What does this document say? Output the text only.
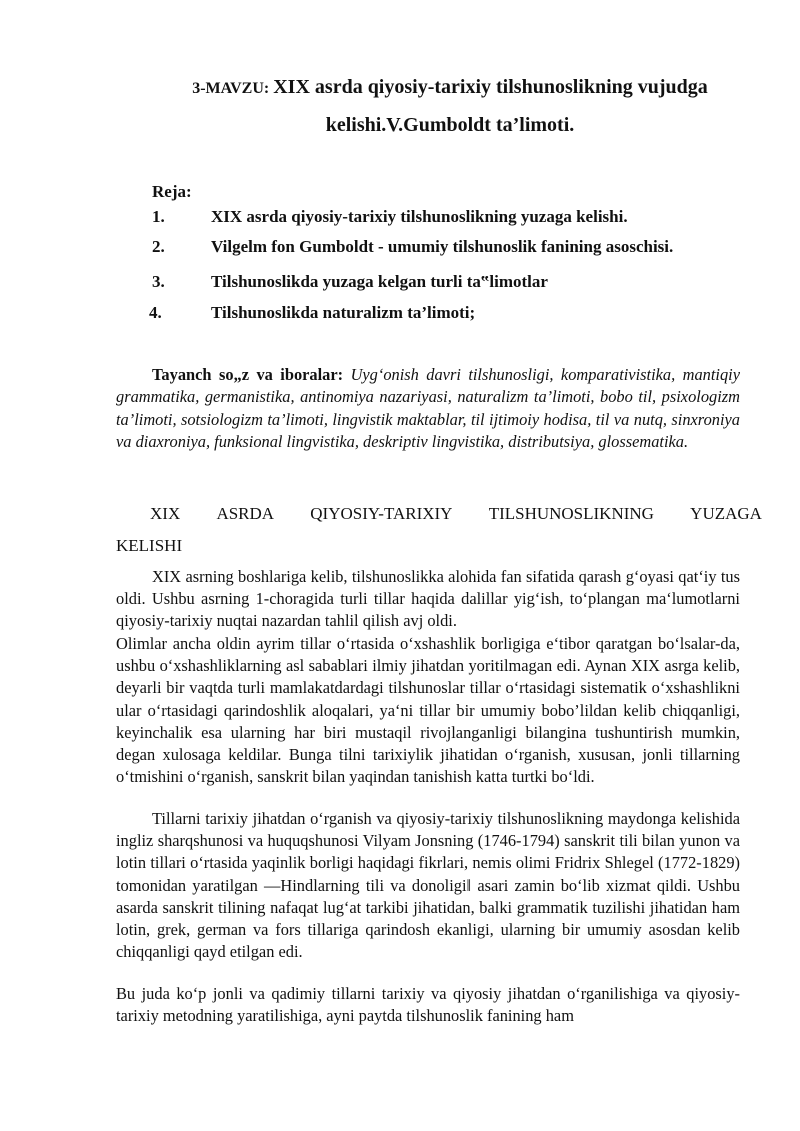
3-MAVZU: XIX asrda qiyosiy-tarixiy tilshunoslikning vujudga
kelishi.V.Gumboldt ta’limoti.
Reja:
1.	XIX asrda qiyosiy-tarixiy tilshunoslikning yuzaga kelishi.
2.	Vilgelm fon Gumboldt - umumiy tilshunoslik fanining asoschisi.
3.	Tilshunoslikda yuzaga kelgan turli ta‟limotlar
4.	Tilshunoslikda naturalizm ta’limoti;
Tayanch so„z va iboralar: Uyg‘onish davri tilshunosligi, komparativistika, mantiqiy grammatika, germanistika, antinomiya nazariyasi, naturalizm ta’limoti, bobo til, psixologizm ta’limoti, sotsiologizm ta’limoti, lingvistik maktablar, til ijtimoiy hodisa, til va nutq, sinxroniya va diaxroniya, funksional lingvistika, deskriptiv lingvistika, distributsiya, glossematika.
XIX ASRDA QIYOSIY-TARIXIY TILSHUNOSLIKNING YUZAGA
KELISHI
XIX asrning boshlariga kelib, tilshunoslikka alohida fan sifatida qarash g‘oyasi qat‘iy tus oldi. Ushbu asrning 1-choragida turli tillar haqida dalillar yig‘ish, to‘plangan ma‘lumotlarni qiyosiy-tarixiy nuqtai nazardan tahlil qilish avj oldi.
Olimlar ancha oldin ayrim tillar o‘rtasida o‘xshashlik borligiga e‘tibor qaratgan bo‘lsalar-da, ushbu o‘xshashliklarning asl sabablari ilmiy jihatdan yoritilmagan edi. Aynan XIX asrga kelib, deyarli bir vaqtda turli mamlakatdardagi tilshunoslar tillar o‘rtasidagi sistematik o‘xshashlikni ular o‘rtasidagi qarindoshlik aloqalari, ya‘ni tillar bir umumiy bobo’lildan kelib chiqqanligi, keyinchalik esa ularning har biri mustaqil rivojlanganligi bilangina tushuntirish mumkin, degan xulosaga keldilar. Bunga tilni tarixiylik jihatidan o‘rganish, xususan, jonli tillarning o‘tmishini o‘rganish, sanskrit bilan yaqindan tanishish katta turtki bo‘ldi.
Tillarni tarixiy jihatdan o‘rganish va qiyosiy-tarixiy tilshunoslikning maydonga kelishida ingliz sharqshunosi va huquqshunosi Vilyam Jonsning (1746-1794) sanskrit tili bilan yunon va lotin tillari o‘rtasida yaqinlik borligi haqidagi fikrlari, nemis olimi Fridrix Shlegel (1772-1829) tomonidan yaratilgan ―Hindlarning tili va donoligi‖ asari zamin bo‘lib xizmat qildi. Ushbu asarda sanskrit tilining nafaqat lug‘at tarkibi jihatidan, balki grammatik tuzilishi jihatidan ham lotin, grek, german va fors tillariga qarindosh ekanligi, ularning bir umumiy asosdan kelib chiqqanligi qayd etilgan edi.
Bu juda ko‘p jonli va qadimiy tillarni tarixiy va qiyosiy jihatdan o‘rganilishiga va qiyosiy-tarixiy metodning yaratilishiga, ayni paytda tilshunoslik fanining ham
